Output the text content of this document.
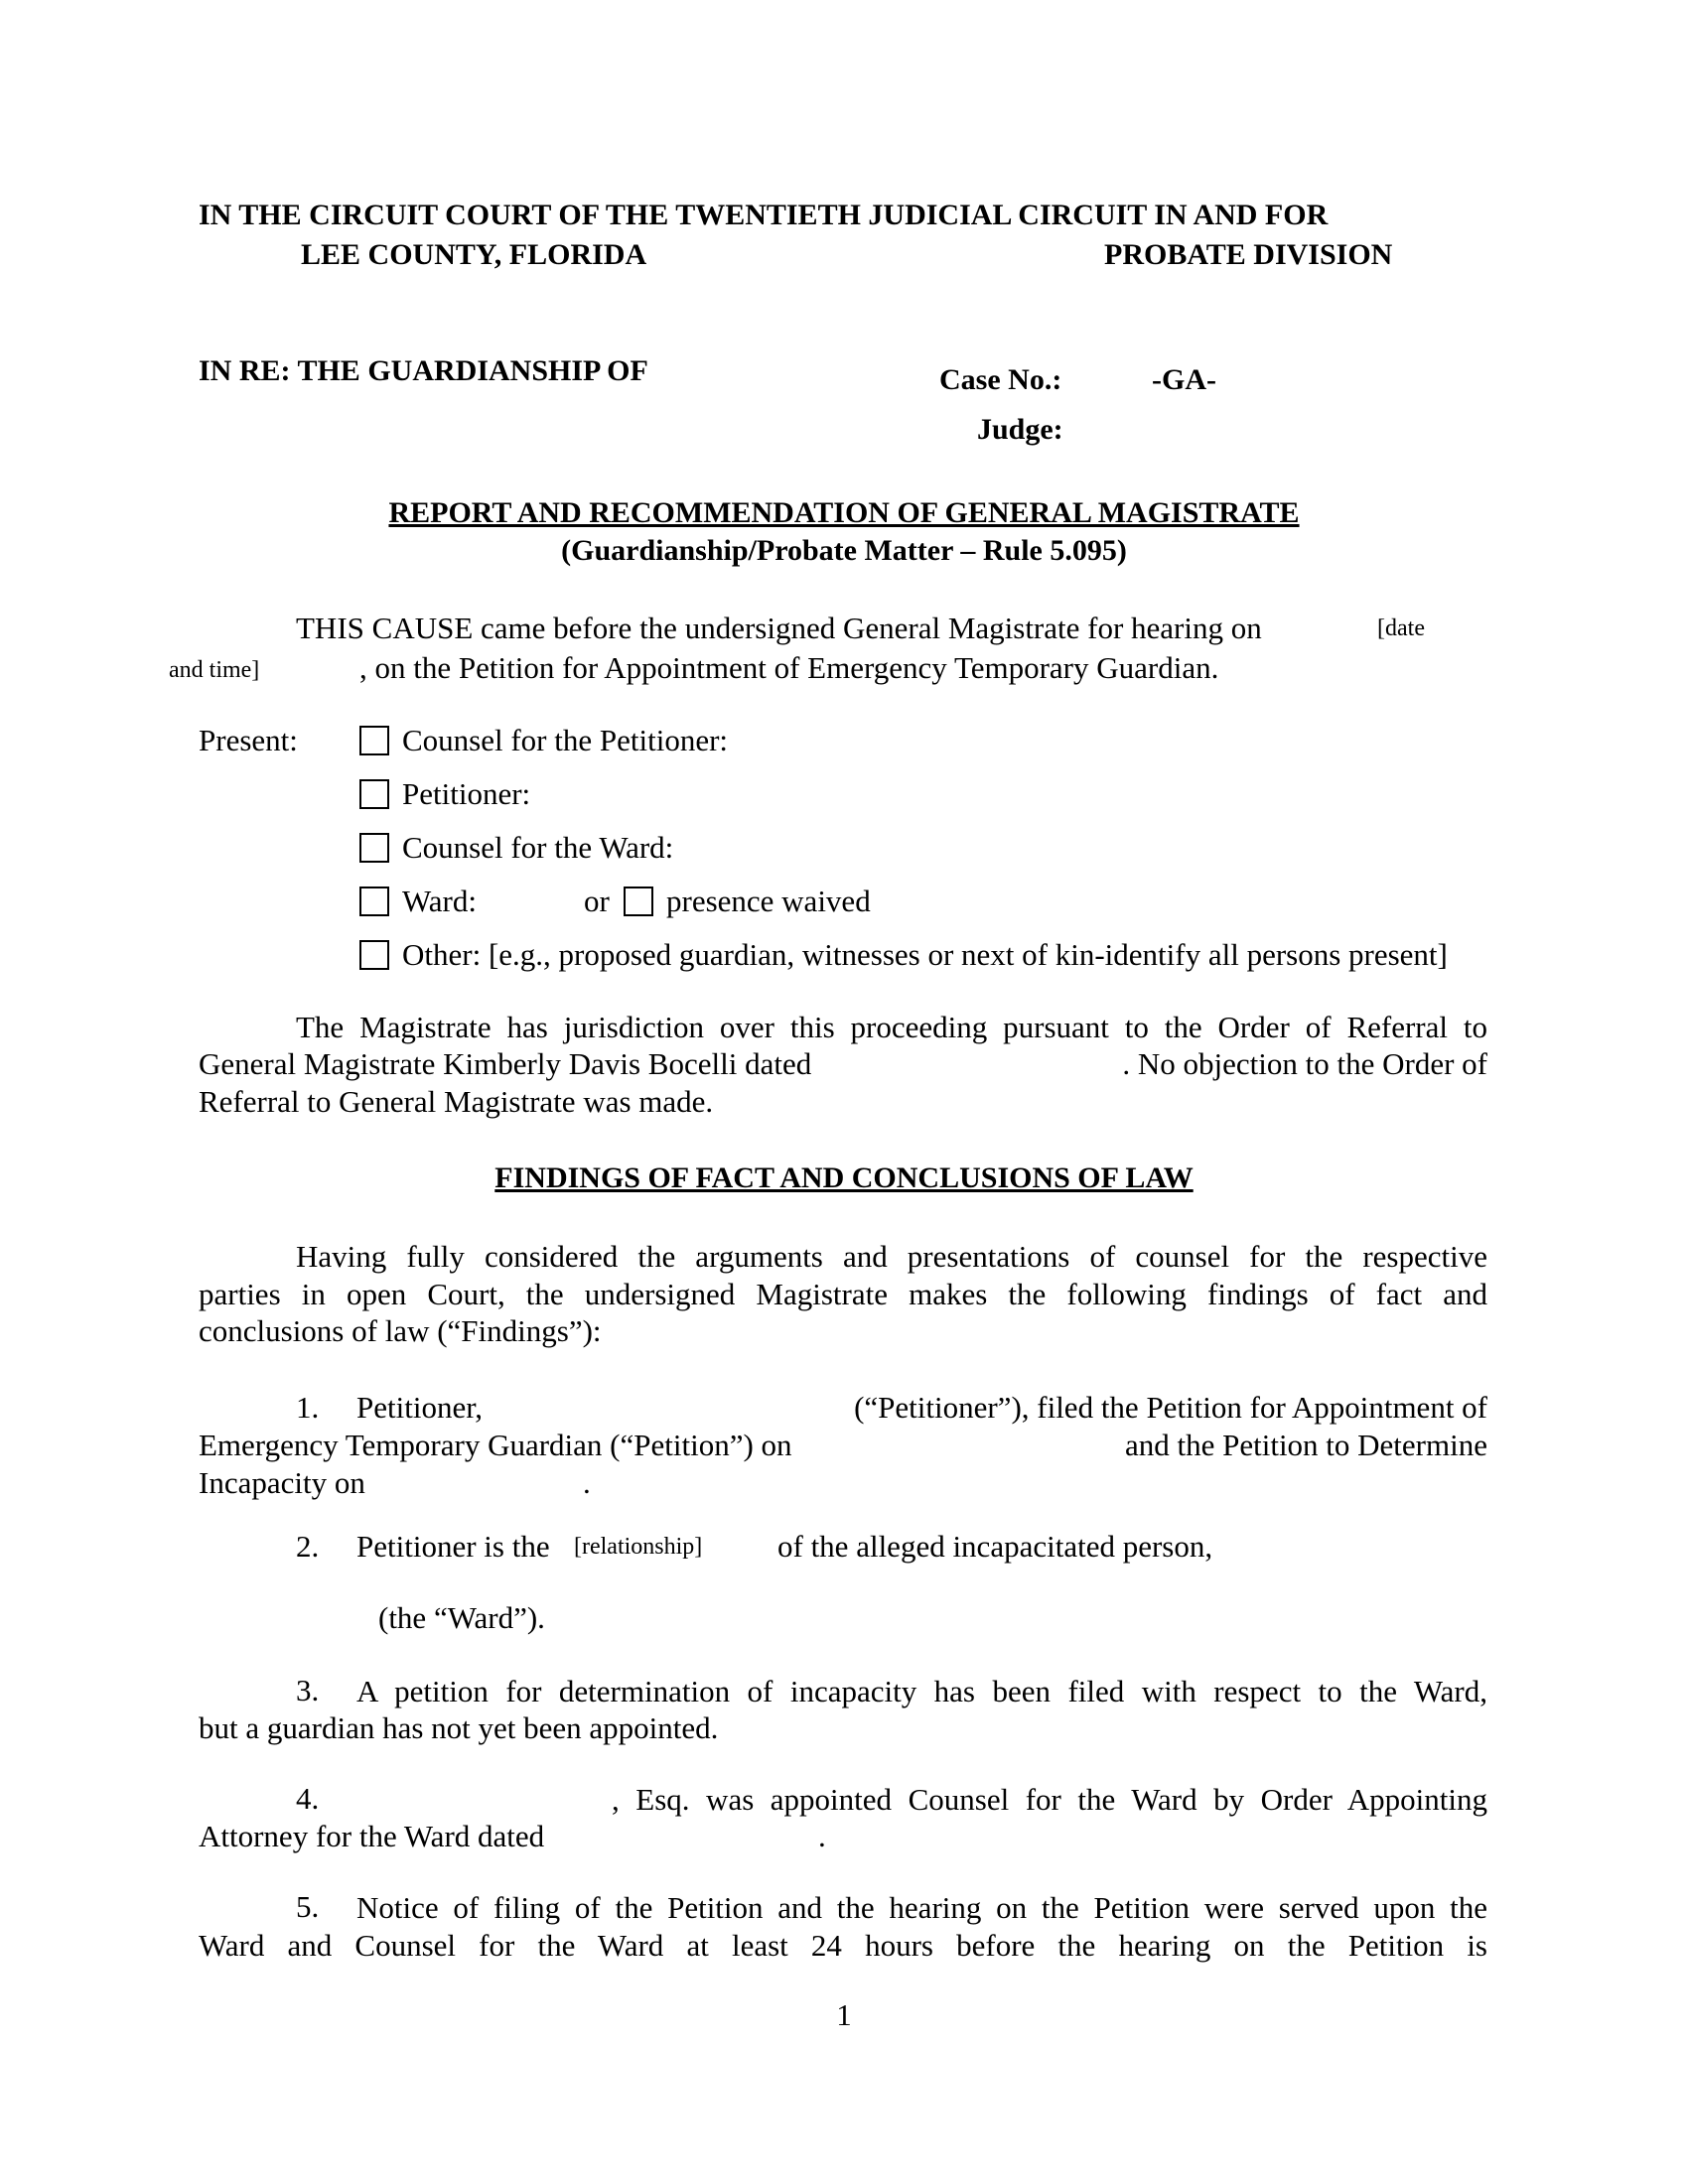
IN THE CIRCUIT COURT OF THE TWENTIETH JUDICIAL CIRCUIT IN AND FOR
LEE COUNTY, FLORIDA	PROBATE DIVISION
IN RE: THE GUARDIANSHIP OF	Case No.:	-GA-
Judge:
REPORT AND RECOMMENDATION OF GENERAL MAGISTRATE
(Guardianship/Probate Matter – Rule 5.095)
THIS CAUSE came before the undersigned General Magistrate for hearing on	[date
and time]	, on the Petition for Appointment of Emergency Temporary Guardian.
Present:	Counsel for the Petitioner:
Petitioner:
Counsel for the Ward:
Ward:	or presence waived
Other: [e.g., proposed guardian, witnesses or next of kin-identify all persons present]
The Magistrate has jurisdiction over this proceeding pursuant to the Order of Referral to
General Magistrate Kimberly Davis Bocelli dated	. No objection to the Order of
Referral to General Magistrate was made.
FINDINGS OF FACT AND CONCLUSIONS OF LAW
Having fully considered the arguments and presentations of counsel for the respective
parties in open Court, the undersigned Magistrate makes the following findings of fact and
conclusions of law (“Findings”):
1. Petitioner,	(“Petitioner”), filed the Petition for Appointment of
Emergency Temporary Guardian (“Petition”) on	and the Petition to Determine
Incapacity on	.
2. Petitioner is the [relationship] of the alleged incapacitated person,
(the “Ward”).
3. A petition for determination of incapacity has been filed with respect to the Ward,
but a guardian has not yet been appointed.
4.	, Esq. was appointed Counsel for the Ward by Order Appointing
Attorney for the Ward dated	.
5. Notice of filing of the Petition and the hearing on the Petition were served upon the
Ward and Counsel for the Ward at least 24 hours before the hearing on the Petition is
1
